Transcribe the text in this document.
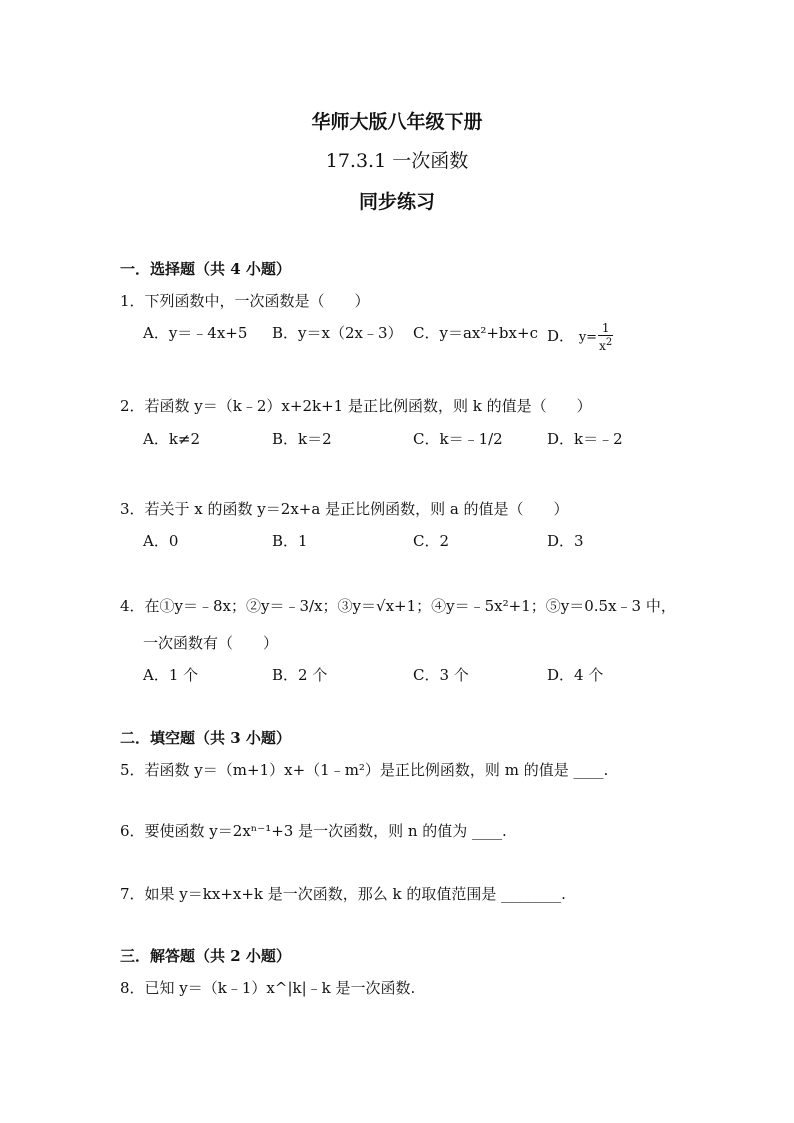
华师大版八年级下册
17.3.1 一次函数
同步练习
一．选择题（共 4 小题）
1．下列函数中，一次函数是（　　）
A．y＝﹣4x+5 B．y＝x（2x﹣3） C．y＝ax²+bx+c D． $y= \frac{1}{x^2}$
2．若函数 y＝（k﹣2）x+2k+1 是正比例函数，则 k 的值是（　　）
A．k≠2	B．k＝2	C．k＝﹣1/2	D．k＝﹣2
3．若关于 x 的函数 y＝2x+a 是正比例函数，则 a 的值是（　　）
A．0	B．1	C．2	D．3
4．在①y＝﹣8x；②y＝﹣3/x；③y＝√x+1；④y＝﹣5x²+1；⑤y＝0.5x﹣3 中，
一次函数有（　　）
A．1 个	B．2 个	C．3 个	D．4 个
二．填空题（共 3 小题）
5．若函数 y＝（m+1）x+（1﹣m²）是正比例函数，则 m 的值是 ____.
6．要使函数 y＝2xⁿ⁻¹+3 是一次函数，则 n 的值为 ____.
7．如果 y＝kx+x+k 是一次函数，那么 k 的取值范围是 ________.
三．解答题（共 2 小题）
8．已知 y＝（k﹣1）x^|k|﹣k 是一次函数.
